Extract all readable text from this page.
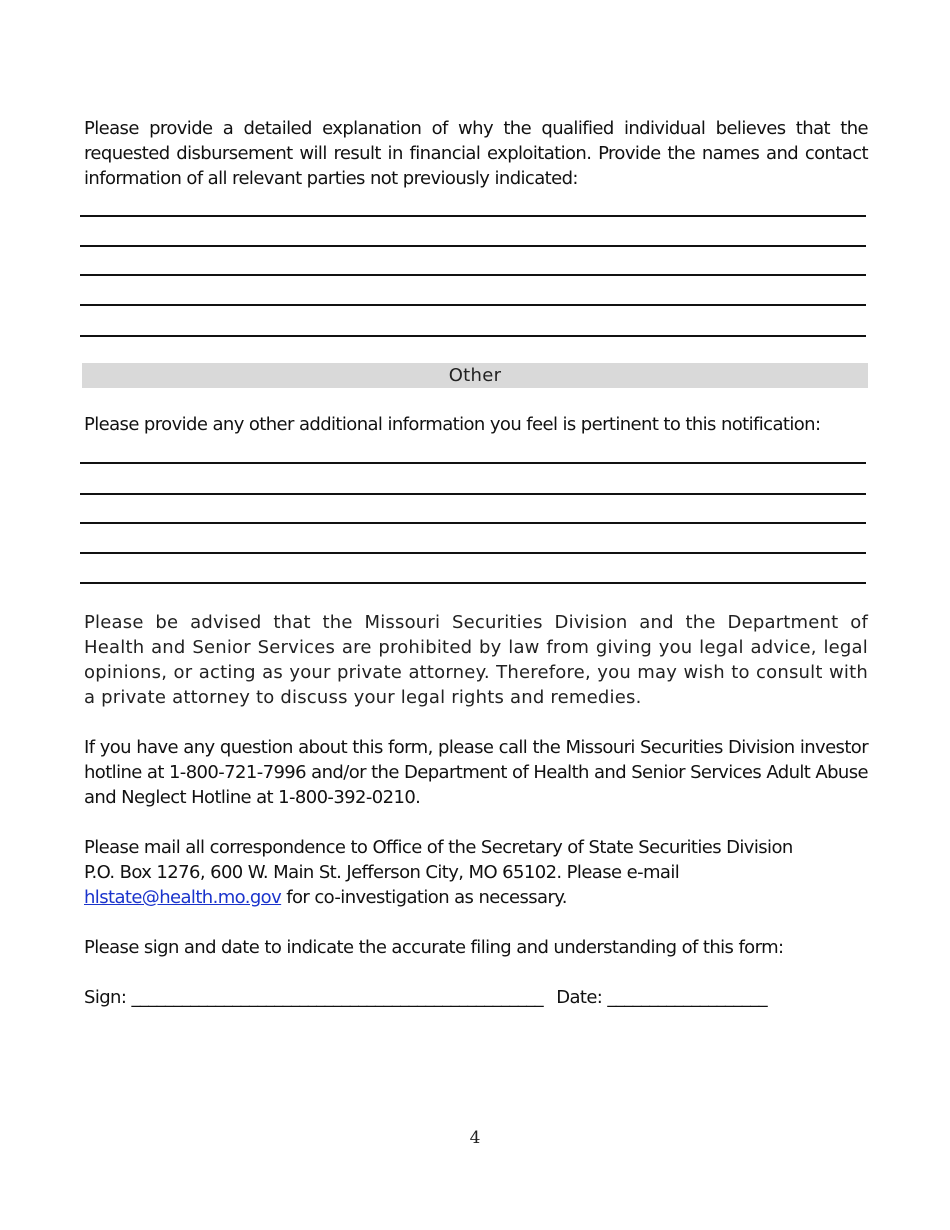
Please provide a detailed explanation of why the qualified individual believes that the requested disbursement will result in financial exploitation. Provide the names and contact information of all relevant parties not previously indicated:

Other

Please provide any other additional information you feel is pertinent to this notification:

Please be advised that the Missouri Securities Division and the Department of Health and Senior Services are prohibited by law from giving you legal advice, legal opinions, or acting as your private attorney. Therefore, you may wish to consult with a private attorney to discuss your legal rights and remedies.

If you have any question about this form, please call the Missouri Securities Division investor hotline at 1-800-721-7996 and/or the Department of Health and Senior Services Adult Abuse and Neglect Hotline at 1-800-392-0210.

Please mail all correspondence to Office of the Secretary of State Securities Division
P.O. Box 1276, 600 W. Main St. Jefferson City, MO 65102. Please e-mail
hlstate@health.mo.gov for co-investigation as necessary.

Please sign and date to indicate the accurate filing and understanding of this form:

Sign: _________________________________________________ Date: ___________________
4
